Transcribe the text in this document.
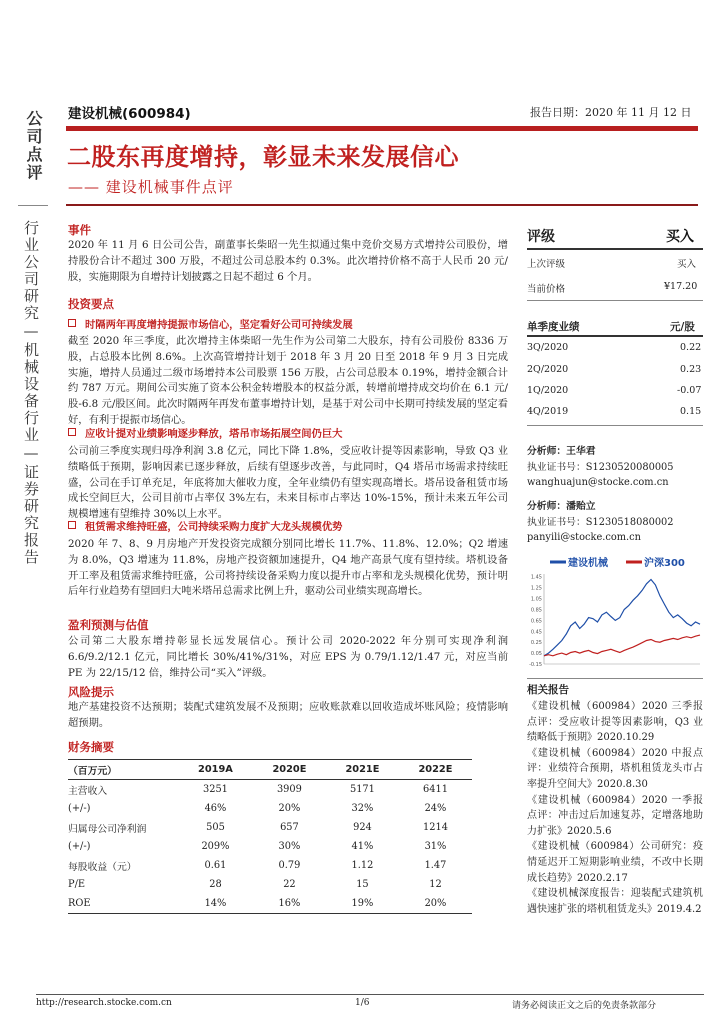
公司点评
行业公司研究—机械设备行业—证券研究报告
建设机械(600984)	报告日期：2020 年 11 月 12 日
二股东再度增持，彰显未来发展信心
—— 建设机械事件点评
事件
2020 年 11 月 6 日公司公告，副董事长柴昭一先生拟通过集中竞价交易方式增持公司股份，增持股份合计不超过 300 万股，不超过公司总股本约 0.3%。此次增持价格不高于人民币 20 元/股，实施期限为自增持计划披露之日起不超过 6 个月。
投资要点
时隔两年再度增持提振市场信心，坚定看好公司可持续发展
截至 2020 年三季度，此次增持主体柴昭一先生作为公司第二大股东，持有公司股份 8336 万股，占总股本比例 8.6%。上次高管增持计划于 2018 年 3 月 20 日至 2018 年 9 月 3 日完成实施，增持人员通过二级市场增持本公司股票 156 万股，占公司总股本 0.19%，增持金额合计约 787 万元。期间公司实施了资本公积金转增股本的权益分派，转增前增持成交均价在 6.1 元/股-6.8 元/股区间。此次时隔两年再发布董事增持计划，是基于对公司中长期可持续发展的坚定看好，有利于提振市场信心。
应收计提对业绩影响逐步释放，塔吊市场拓展空间仍巨大
公司前三季度实现归母净利润 3.8 亿元，同比下降 1.8%，受应收计提等因素影响，导致 Q3 业绩略低于预期，影响因素已逐步释放，后续有望逐步改善，与此同时，Q4 塔吊市场需求持续旺盛，公司在手订单充足，年底将加大催收力度，全年业绩仍有望实现高增长。塔吊设备租赁市场成长空间巨大，公司目前市占率仅 3%左右，未来目标市占率达 10%-15%，预计未来五年公司规模增速有望维持 30%以上水平。
租赁需求维持旺盛，公司持续采购力度扩大龙头规模优势
2020 年 7、8、9 月房地产开发投资完成额分别同比增长 11.7%、11.8%、12.0%；Q2 增速为 8.0%，Q3 增速为 11.8%，房地产投资额加速提升，Q4 地产高景气度有望持续。塔机设备开工率及租赁需求维持旺盛，公司将持续设备采购力度以提升市占率和龙头规模化优势，预计明后年行业趋势有望回归大吨米塔吊总需求比例上升，驱动公司业绩实现高增长。
盈利预测与估值
公司第二大股东增持彰显长远发展信心。预计公司 2020-2022 年分别可实现净利润 6.6/9.2/12.1 亿元，同比增长 30%/41%/31%，对应 EPS 为 0.79/1.12/1.47 元，对应当前 PE 为 22/15/12 倍，维持公司“买入”评级。
风险提示
地产基建投资不达预期；装配式建筑发展不及预期；应收账款难以回收造成坏账风险；疫情影响超预期。
财务摘要
（百万元）	2019A	2020E	2021E	2022E
主营收入	3251	3909	5171	6411
(+/-)	46%	20%	32%	24%
归属母公司净利润	505	657	924	1214
(+/-)	209%	30%	41%	31%
每股收益（元）	0.61	0.79	1.12	1.47
P/E	28	22	15	12
ROE	14%	16%	19%	20%
评级	买入
上次评级	买入
当前价格	¥17.20
单季度业绩	元/股
3Q/2020	0.22
2Q/2020	0.23
1Q/2020	-0.07
4Q/2019	0.15
分析师：王华君
执业证书号：S1230520080005
wanghuajun@stocke.com.cn
分析师：潘贻立
执业证书号：S1230518080002
panyili@stocke.com.cn
建设机械	沪深300
1.45
1.25
1.05
0.85
0.65
0.45
0.25
0.05
-0.15
相关报告
《建设机械（600984）2020 三季报点评：受应收计提等因素影响，Q3 业绩略低于预期》2020.10.29
《建设机械（600984）2020 中报点评：业绩符合预期，塔机租赁龙头市占率提升空间大》2020.8.30
《建设机械（600984）2020 一季报点评：冲击过后加速复苏，定增落地助力扩张》2020.5.6
《建设机械（600984）公司研究：疫情延迟开工短期影响业绩，不改中长期成长趋势》2020.2.17
《建设机械深度报告：迎装配式建筑机遇快速扩张的塔机租赁龙头》2019.4.2
http://research.stocke.com.cn	1/6	请务必阅读正文之后的免责条款部分
